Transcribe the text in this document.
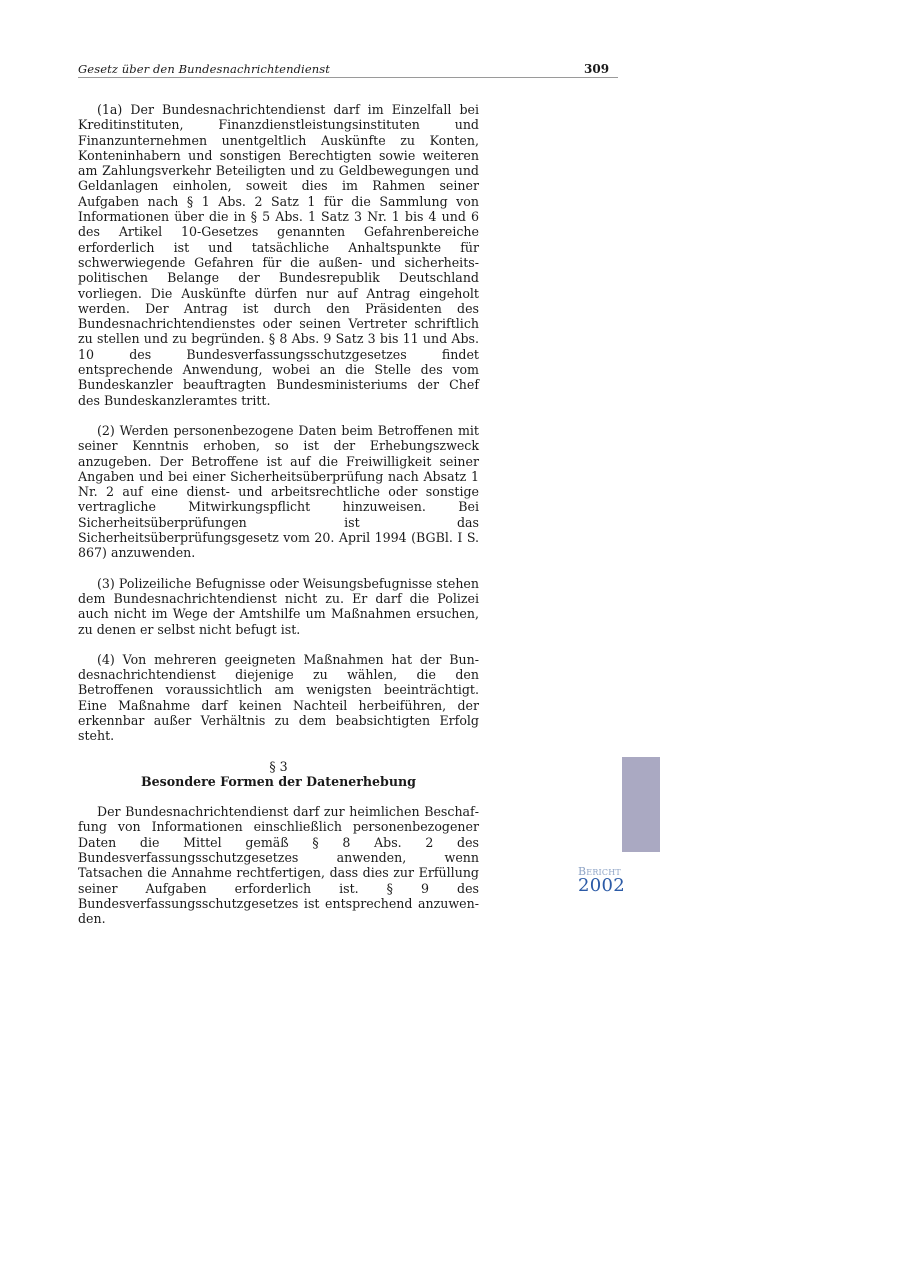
Gesetz über den Bundesnachrichtendienst	309

(1a) Der Bundesnachrichtendienst darf im Einzelfall bei Kreditinstituten, Finanzdienstleistungsinstituten und Finanzunternehmen unentgeltlich Auskünfte zu Konten, Konteninhabern und sonstigen Berechtigten sowie weiteren am Zahlungsverkehr Beteiligten und zu Geldbewegungen und Geldanlagen einholen, soweit dies im Rahmen seiner Aufgaben nach § 1 Abs. 2 Satz 1 für die Sammlung von Informationen über die in § 5 Abs. 1 Satz 3 Nr. 1 bis 4 und 6 des Artikel 10-Gesetzes genannten Gefahrenbereiche erforderlich ist und tatsächliche Anhaltspunkte für schwerwiegende Gefahren für die außen- und sicherheitspolitischen Belange der Bundesrepublik Deutschland vorliegen. Die Auskünfte dürfen nur auf Antrag eingeholt werden. Der Antrag ist durch den Präsidenten des Bundesnachrichtendienstes oder seinen Vertreter schriftlich zu stellen und zu begründen. § 8 Abs. 9 Satz 3 bis 11 und Abs. 10 des Bundesverfassungsschutzgesetzes findet entsprechende Anwendung, wobei an die Stelle des vom Bundeskanzler beauftragten Bundesministeriums der Chef des Bundeskanzleramtes tritt.

(2) Werden personenbezogene Daten beim Betroffenen mit seiner Kenntnis erhoben, so ist der Erhebungszweck anzugeben. Der Betroffene ist auf die Freiwilligkeit seiner Angaben und bei einer Sicherheitsüberprüfung nach Absatz 1 Nr. 2 auf eine dienst- und arbeitsrechtliche oder sonstige vertragliche Mitwirkungspflicht hinzuweisen. Bei Sicherheitsüberprüfungen ist das Sicherheitsüberprüfungsgesetz vom 20. April 1994 (BGBl. I S. 867) anzuwenden.

(3) Polizeiliche Befugnisse oder Weisungsbefugnisse stehen dem Bundesnachrichtendienst nicht zu. Er darf die Polizei auch nicht im Wege der Amtshilfe um Maßnahmen ersuchen, zu denen er selbst nicht befugt ist.

(4) Von mehreren geeigneten Maßnahmen hat der Bundesnachrichtendienst diejenige zu wählen, die den Betroffenen voraussichtlich am wenigsten beeinträchtigt. Eine Maßnahme darf keinen Nachteil herbeiführen, der erkennbar außer Verhältnis zu dem beabsichtigten Erfolg steht.

§ 3
Besondere Formen der Datenerhebung

Der Bundesnachrichtendienst darf zur heimlichen Beschaffung von Informationen einschließlich personenbezogener Daten die Mittel gemäß § 8 Abs. 2 des Bundesverfassungsschutzgesetzes anwenden, wenn Tatsachen die Annahme rechtfertigen, dass dies zur Erfüllung seiner Aufgaben erforderlich ist. § 9 des Bundesverfassungsschutzgesetzes ist entsprechend anzuwenden.

Bericht
2002
